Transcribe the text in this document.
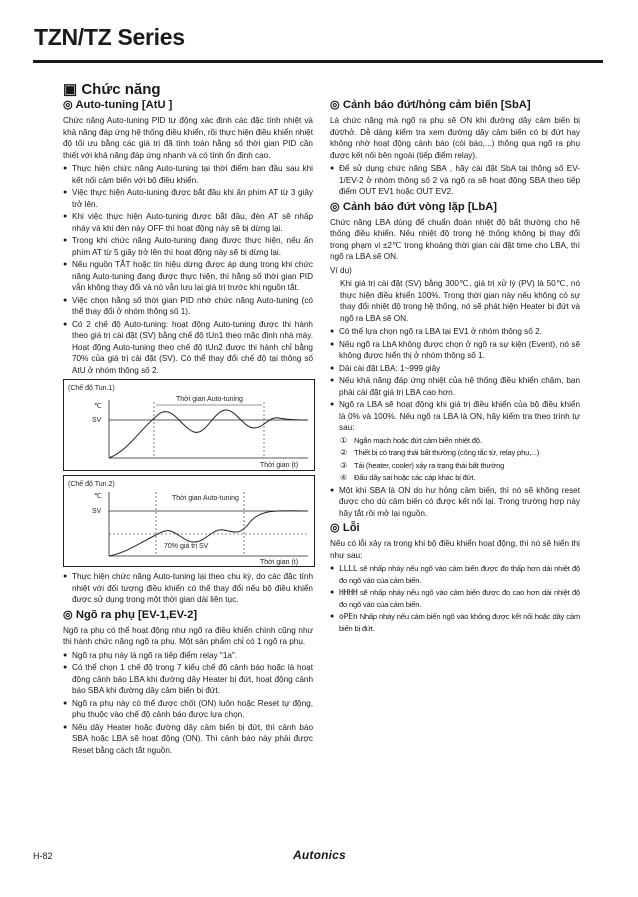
TZN/TZ Series
▣ Chức năng
◎ Auto-tuning [AtU ]

Chức năng Auto-tuning PID tự động xác định các đặc tính nhiệt và khả năng đáp ứng hệ thống điều khiển, rồi thực hiện điều khiển nhiệt độ tối ưu bằng các giá trị đã tính toán hằng số thời gian PID cần thiết với khả năng đáp ứng nhanh và có tính ổn định cao.

● Thực hiện chức năng Auto-tuning tại thời điểm ban đầu sau khi kết nối cảm biến với bộ điều khiển.
● Việc thực hiện Auto-tuning được bắt đầu khi ấn phím AT từ 3 giây trở lên.
● Khi việc thực hiện Auto-tuning được bắt đầu, đèn AT sẽ nhấp nháy và khi đèn này OFF thì hoạt động này sẽ bị dừng lại.
● Trong khi chức năng Auto-tuning đang được thực hiện, nếu ấn phím AT từ 5 giây trở lên thì hoạt động này sẽ bị dừng lại.
● Nếu nguồn TẮT hoặc tín hiệu dừng được áp dụng trong khi chức năng Auto-tuning đang được thực hiện, thì hằng số thời gian PID vẫn không thay đổi và nó vẫn lưu lại giá trị trước khi nguồn tắt.
● Việc chọn hằng số thời gian PID nhờ chức năng Auto-tuning (có thể thay đổi ở nhóm thông số 1).
● Có 2 chế độ Auto-tuning: hoạt động Auto-tuning được thi hành theo giá trị cài đặt (SV) bằng chế độ tUn1 theo mặc định nhà máy. Hoạt động Auto-tuning theo chế độ tUn2 được thi hành chỉ bằng 70% của giá trị cài đặt (SV). Có thể thay đổi chế độ tại thông số AtU ở nhóm thông số 2.
(Chế độ Tun.1)
℃
SV
Thời gian Auto-tuning
Thời gian (t)
(Chế độ Tun.2)
℃
SV
Thời gian Auto-tuning
70% giá trị SV
Thời gian (t)
● Thực hiện chức năng Auto-tuning lại theo chu kỳ, do các đặc tính nhiệt với đối tượng điều khiển có thể thay đổi nếu bộ điều khiển được sử dụng trong một thời gian dài liên tục.
◎ Ngõ ra phụ [EV-1,EV-2]

Ngõ ra phụ có thể hoạt động như ngõ ra điều khiển chính cũng như thi hành chức năng ngõ ra phụ. Một sản phẩm chỉ có 1 ngõ ra phụ.

● Ngõ ra phụ này là ngõ ra tiếp điểm relay "1a".
● Có thể chọn 1 chế độ trong 7 kiểu chế độ cảnh báo hoặc là hoạt động cảnh báo LBA khi đường dây Heater bị đứt, hoạt động cảnh báo SBA khi đường dây cảm biến bị đứt.
● Ngõ ra phụ này có thể được chốt (ON) luôn hoặc Reset tự động, phụ thuộc vào chế độ cảnh báo được lựa chọn.
● Nếu dây Heater hoặc đường dây cảm biến bị đứt, thì cảnh báo SBA hoặc LBA sẽ hoạt động (ON). Thì cảnh báo này phải được Reset bằng cách tắt nguồn.
◎ Cảnh báo đứt/hỏng cảm biến [SbA]

Là chức năng mà ngõ ra phụ sẽ ON khi đường dây cảm biến bị đứt/hở. Dễ dàng kiểm tra xem đường dây cảm biến có bị đứt hay không nhờ hoạt động cảnh báo (còi báo,...) thông qua ngõ ra phụ được kết nối bên ngoài (tiếp điểm relay).

● Để sử dụng chức năng SBA , hãy cài đặt SbA tại thông số EV-1/EV-2 ở nhóm thông số 2 và ngõ ra sẽ hoạt động SBA theo tiếp điểm OUT EV1 hoặc OUT EV2.
◎ Cảnh báo đứt vòng lặp [LbA]

Chức năng LBA dùng để chuẩn đoán nhiệt độ bất thường cho hệ thống điều khiển. Nếu nhiệt độ trong hệ thống không bị thay đổi trong phạm vi ±2℃ trong khoảng thời gian cài đặt time cho LBA, thì ngõ ra LBA sẽ ON.

Ví dụ)

Khi giá trị cài đặt (SV) bằng 300℃, giá trị xử lý (PV) là 50℃, nó thực hiện điều khiển 100%. Trong thời gian này nếu không có sự thay đổi nhiệt độ trong hệ thống, nó sẽ phát hiện Heater bị đứt và ngõ ra LBA sẽ ON.

● Có thể lựa chọn ngõ ra LBA tại EV1 ở nhóm thông số 2.
● Nếu ngõ ra LbA không được chọn ở ngõ ra sự kiện (Event), nó sẽ không được hiển thị ở nhóm thông số 1.
● Dải cài đặt LBA: 1~999 giây
● Nếu khả năng đáp ứng nhiệt của hệ thống điều khiển chậm, bạn phải cài đặt giá trị LBA cao hơn.
● Ngõ ra LBA sẽ hoạt động khi giá trị điều khiển của bộ điều khiển là 0% và 100%. Nếu ngõ ra LBA là ON, hãy kiểm tra theo trình tự sau:
① Ngắn mạch hoặc đứt cảm biến nhiệt độ.
② Thiết bị có trạng thái bất thường (công tắc từ, relay phụ,...)
③ Tải (heater, cooler) xảy ra trạng thái bất thường
④ Đấu dây sai hoặc các cáp khác bị đứt.
● Một khi SBA là ON do hư hỏng cảm biến, thì nó sẽ không reset được cho dù cảm biến có được kết nối lại. Trong trường hợp này hãy tắt rồi mở lại nguồn.
◎ Lỗi

Nếu có lỗi xảy ra trong khi bộ điều khiển hoạt động, thì nó sẽ hiển thị như sau:

● LLLL sẽ nhấp nháy nếu ngõ vào cảm biến được đo thấp hơn dải nhiệt độ đo ngõ vào của cảm biến.
● HHHH sẽ nhấp nháy nếu ngõ vào cảm biến được đo cao hơn dải nhiệt độ đo ngõ vào của cảm biến.
● oPEn Nhấp nháy nếu cảm biến ngõ vào không được kết nối hoặc dây cảm biến bị đứt.
H-82	Autonics
